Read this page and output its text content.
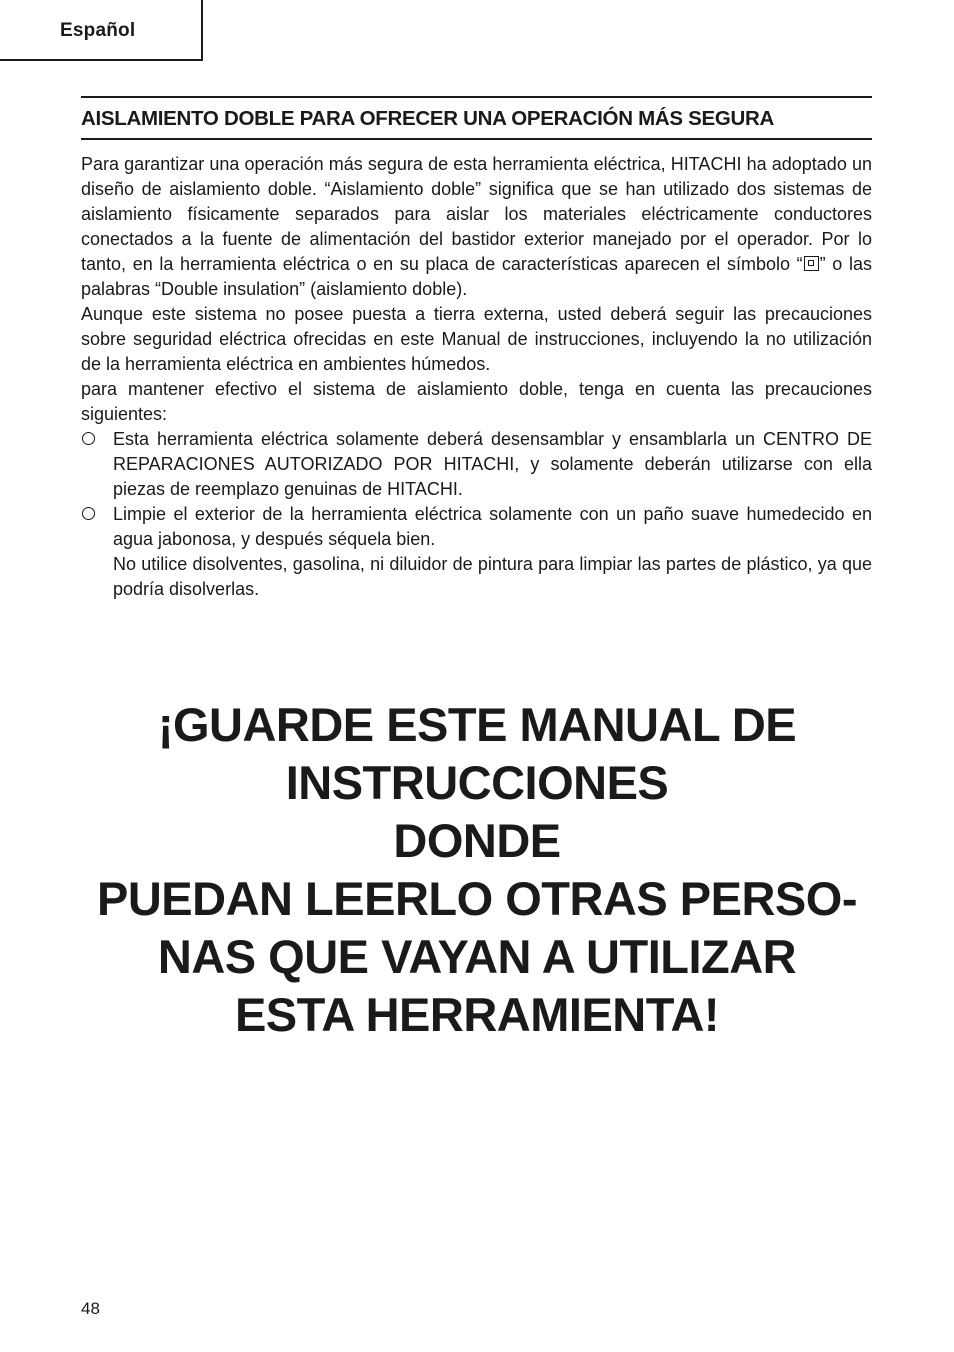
Español
AISLAMIENTO DOBLE PARA OFRECER UNA OPERACIÓN MÁS SEGURA

Para garantizar una operación más segura de esta herramienta eléctrica, HITACHI ha adoptado un diseño de aislamiento doble. “Aislamiento doble” significa que se han utilizado dos sistemas de aislamiento físicamente separados para aislar los materiales eléctricamente conductores conectados a la fuente de alimentación del bastidor exterior manejado por el operador. Por lo tanto, en la herramienta eléctrica o en su placa de características aparecen el símbolo “ ” o las palabras “Double insulation” (aislamiento doble).

Aunque este sistema no posee puesta a tierra externa, usted deberá seguir las precauciones sobre seguridad eléctrica ofrecidas en este Manual de instrucciones, incluyendo la no utilización de la herramienta eléctrica en ambientes húmedos.

para mantener efectivo el sistema de aislamiento doble, tenga en cuenta las precauciones siguientes:

Esta herramienta eléctrica solamente deberá desensamblar y ensamblarla un CENTRO DE REPARACIONES AUTORIZADO POR HITACHI, y solamente deberán utilizarse con ella piezas de reemplazo genuinas de HITACHI.
Limpie el exterior de la herramienta eléctrica solamente con un paño suave humedecido en agua jabonosa, y después séquela bien.
No utilice disolventes, gasolina, ni diluidor de pintura para limpiar las partes de plástico, ya que podría disolverlas.
¡GUARDE ESTE MANUAL DE
INSTRUCCIONES
DONDE
PUEDAN LEERLO OTRAS PERSO-
NAS QUE VAYAN A UTILIZAR
ESTA HERRAMIENTA!
48
